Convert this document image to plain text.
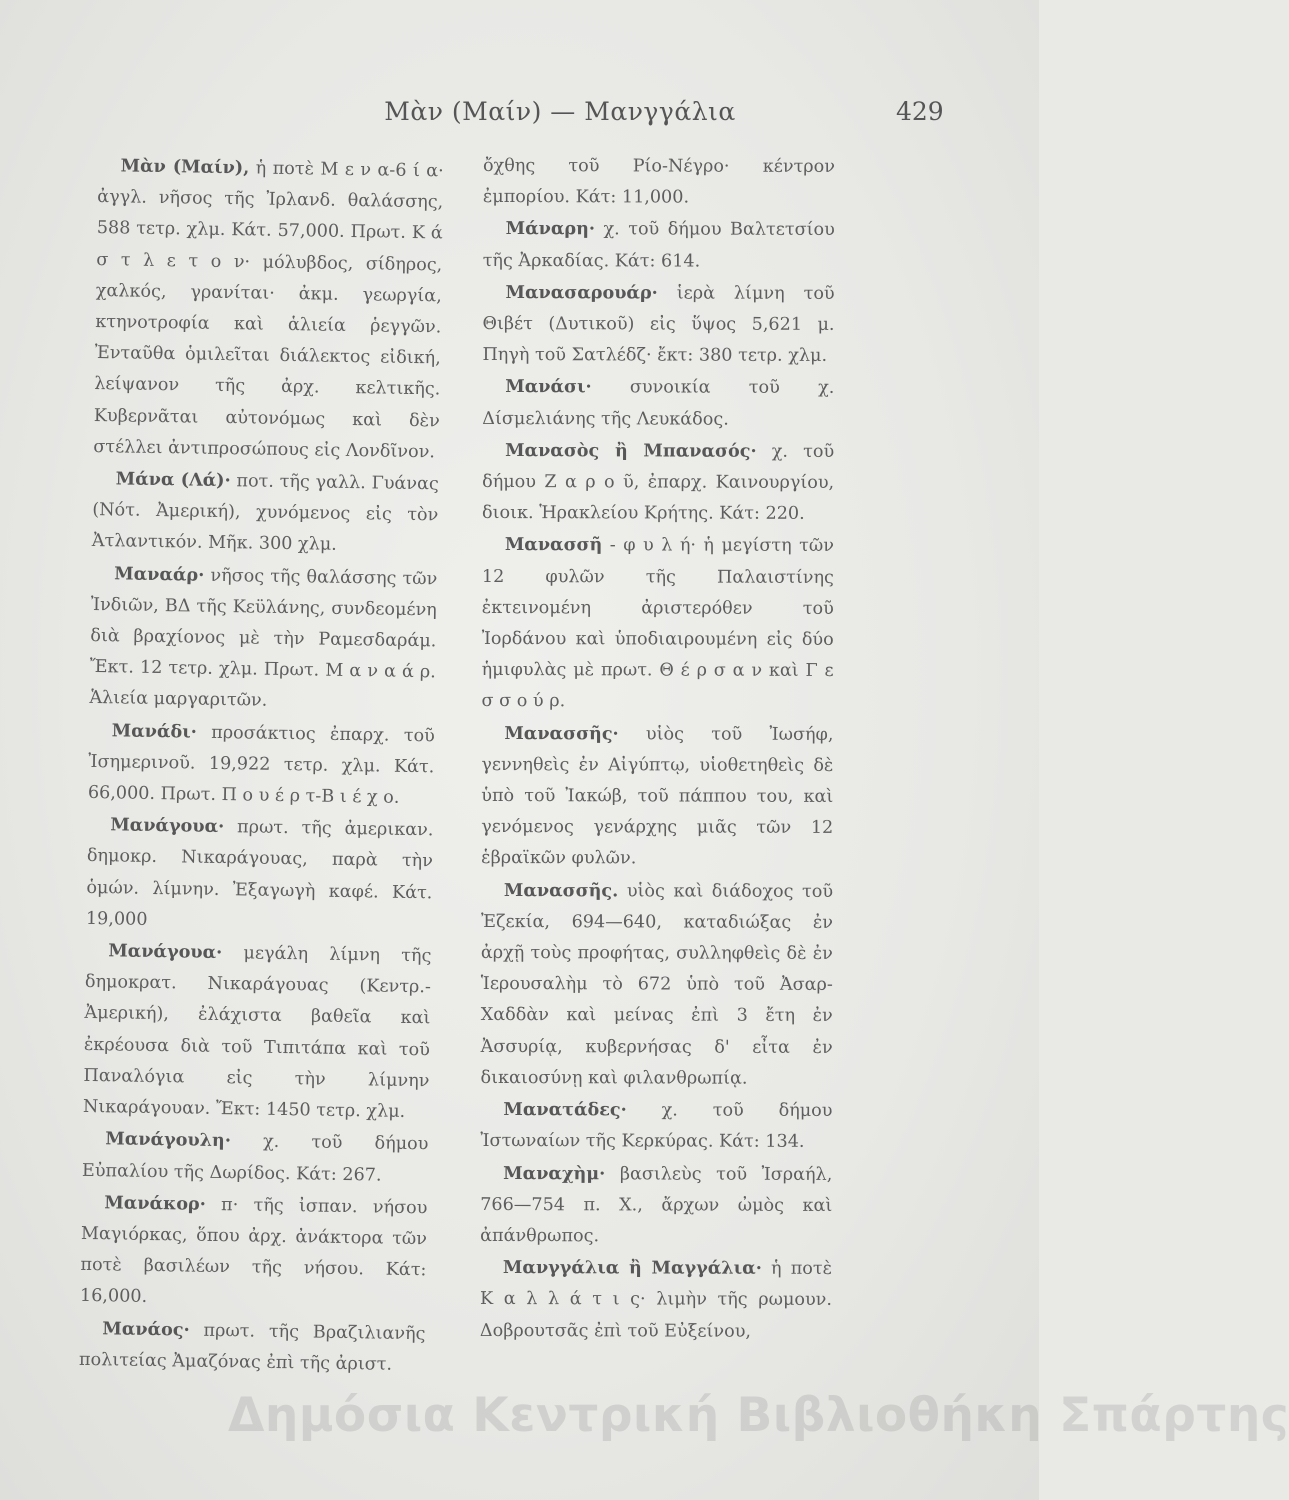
Μὰν (Μαίν) — Μανγγάλια	429

Μὰν (Μαίν), ἡ ποτὲ Μ ε ν α-6 ί α· ἀγγλ. νῆσος τῆς Ἰρλανδ. θαλάσσης, 588 τετρ. χλμ. Κάτ. 57,000. Πρωτ. Κ ά σ τ λ ε τ ο ν· μόλυβδος, σίδηρος, χαλκός, γρανίται· ἀκμ. γεωργία, κτηνοτροφία καὶ ἁλιεία ῥεγγῶν. Ἐνταῦθα ὁμιλεῖται διάλεκτος εἰδική, λείψανον τῆς ἀρχ. κελτικῆς. Κυβερνᾶται αὐτονόμως καὶ δὲν στέλλει ἀντιπροσώπους εἰς Λονδῖνον.

Μάνα (Λά)· ποτ. τῆς γαλλ. Γυάνας (Νότ. Ἀμερική), χυνόμενος εἰς τὸν Ἀτλαντικόν. Μῆκ. 300 χλμ.

Μαναάρ· νῆσος τῆς θαλάσσης τῶν Ἰνδιῶν, ΒΔ τῆς Κεϋλάνης, συνδεομένη διὰ βραχίονος μὲ τὴν Ραμεσδαράμ. Ἔκτ. 12 τετρ. χλμ. Πρωτ. Μ α ν α ά ρ. Ἁλιεία μαργαριτῶν.

Μανάδι· προσάκτιος ἐπαρχ. τοῦ Ἰσημερινοῦ. 19,922 τετρ. χλμ. Κάτ. 66,000. Πρωτ. Π ο υ έ ρ τ-Β ι έ χ ο.

Μανάγουα· πρωτ. τῆς ἀμερικαν. δημοκρ. Νικαράγουας, παρὰ τὴν ὁμών. λίμνην. Ἐξαγωγὴ καφέ. Κάτ. 19,000

Μανάγουα· μεγάλη λίμνη τῆς δημοκρατ. Νικαράγουας (Κεντρ.-Ἀμερική), ἐλάχιστα βαθεῖα καὶ ἐκρέουσα διὰ τοῦ Τιπιτάπα καὶ τοῦ Παναλόγια εἰς τὴν λίμνην Νικαράγουαν. Ἔκτ: 1450 τετρ. χλμ.

Μανάγουλη· χ. τοῦ δήμου Εὐπαλίου τῆς Δωρίδος. Κάτ: 267.

Μανάκορ· π· τῆς ἰσπαν. νήσου Μαγιόρκας, ὅπου ἀρχ. ἀνάκτορα τῶν ποτὲ βασιλέων τῆς νήσου. Κάτ: 16,000.

Μανάος· πρωτ. τῆς Βραζιλιανῆς πολιτείας Ἀμαζόνας ἐπὶ τῆς ἀριστ.

ὄχθης τοῦ Ρίο-Νέγρο· κέντρον ἐμπορίου. Κάτ: 11,000.

Μάναρη· χ. τοῦ δήμου Βαλτετσίου τῆς Ἀρκαδίας. Κάτ: 614.

Μανασαρουάρ· ἱερὰ λίμνη τοῦ Θιβέτ (Δυτικοῦ) εἰς ὕψος 5,621 μ. Πηγὴ τοῦ Σατλέδζ· ἔκτ: 380 τετρ. χλμ.

Μανάσι· συνοικία τοῦ χ. Δίσμελιάνης τῆς Λευκάδος.

Μανασὸς ἢ Μπανασός· χ. τοῦ δήμου Ζ α ρ ο ῦ, ἐπαρχ. Καινουργίου, διοικ. Ἡρακλείου Κρήτης. Κάτ: 220.

Μανασσῆ - φ υ λ ή· ἡ μεγίστη τῶν 12 φυλῶν τῆς Παλαιστίνης ἐκτεινομένη ἀριστερόθεν τοῦ Ἰορδάνου καὶ ὑποδιαιρουμένη εἰς δύο ἡμιφυλὰς μὲ πρωτ. Θ έ ρ σ α ν καὶ Γ ε σ σ ο ύ ρ.

Μανασσῆς· υἱὸς τοῦ Ἰωσήφ, γεννηθεὶς ἐν Αἰγύπτῳ, υἱοθετηθεὶς δὲ ὑπὸ τοῦ Ἰακώβ, τοῦ πάππου του, καὶ γενόμενος γενάρχης μιᾶς τῶν 12 ἑβραϊκῶν φυλῶν.

Μανασσῆς. υἱὸς καὶ διάδοχος τοῦ Ἐζεκία, 694—640, καταδιώξας ἐν ἀρχῇ τοὺς προφήτας, συλληφθεὶς δὲ ἐν Ἱερουσαλὴμ τὸ 672 ὑπὸ τοῦ Ἀσαρ-Χαδδὰν καὶ μείνας ἐπὶ 3 ἔτη ἐν Ἀσσυρίᾳ, κυβερνήσας δ' εἶτα ἐν δικαιοσύνῃ καὶ φιλανθρωπίᾳ.

Μανατάδες· χ. τοῦ δήμου Ἰστωναίων τῆς Κερκύρας. Κάτ: 134.

Μαναχὴμ· βασιλεὺς τοῦ Ἰσραήλ, 766—754 π. Χ., ἄρχων ὠμὸς καὶ ἀπάνθρωπος.

Μανγγάλια ἢ Μαγγάλια· ἡ ποτὲ Κ α λ λ ά τ ι ς· λιμὴν τῆς ρωμουν. Δοβρουτσᾶς ἐπὶ τοῦ Εὐξείνου,

Δημόσια Κεντρική Βιβλιοθήκη Σπάρτης
